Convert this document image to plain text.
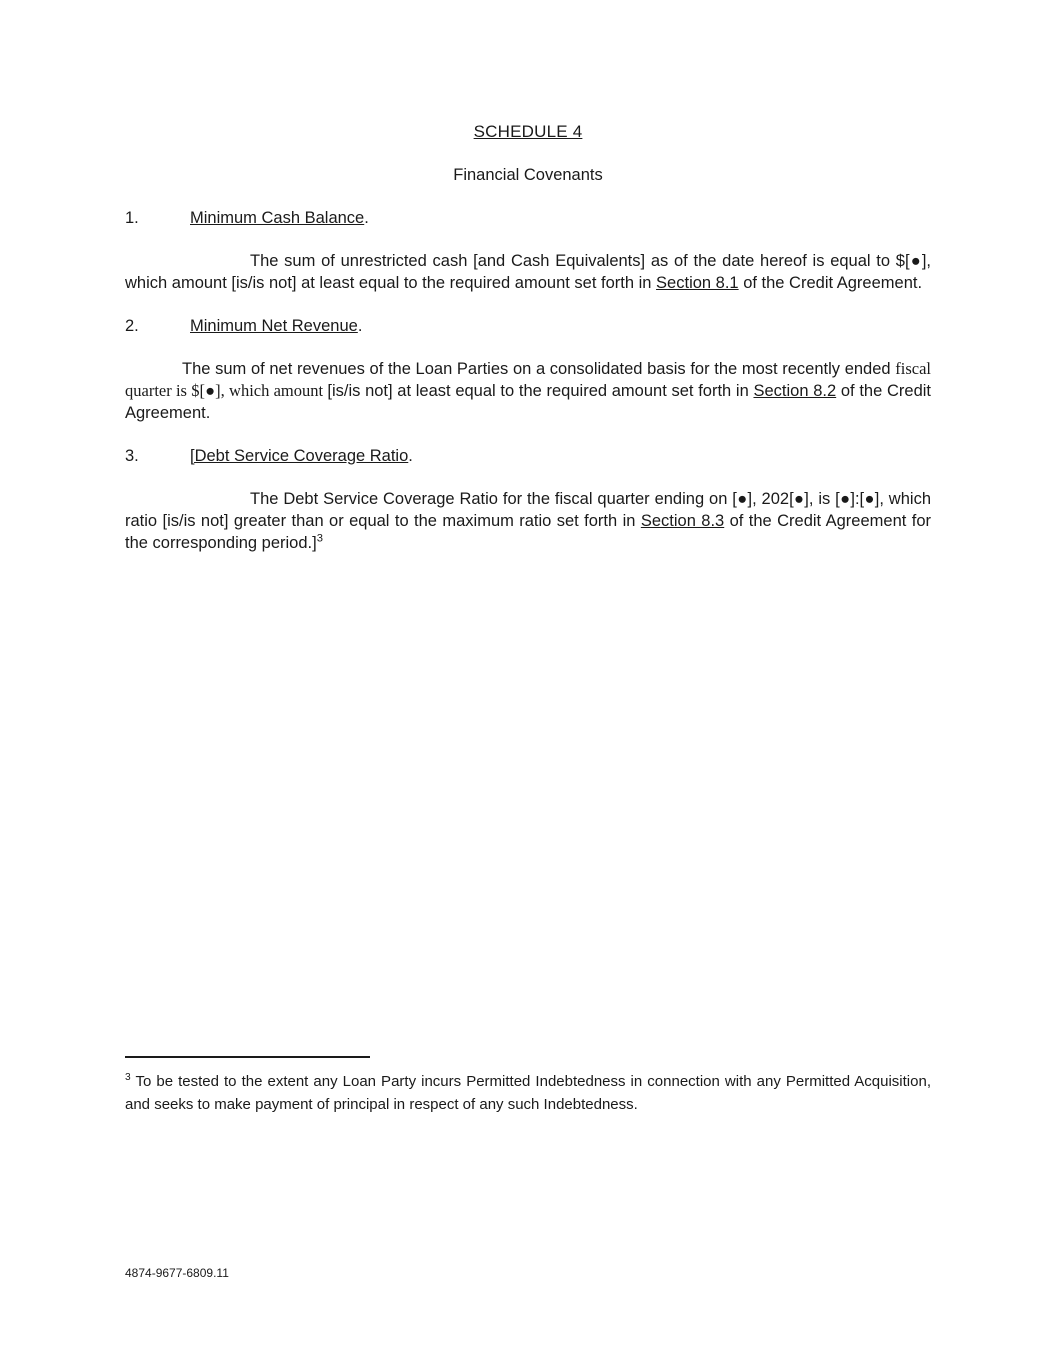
SCHEDULE 4
Financial Covenants
1.	Minimum Cash Balance.

The sum of unrestricted cash [and Cash Equivalents] as of the date hereof is equal to $[●], which amount [is/is not] at least equal to the required amount set forth in Section 8.1 of the Credit Agreement.

2.	Minimum Net Revenue.

The sum of net revenues of the Loan Parties on a consolidated basis for the most recently ended fiscal quarter is $[●], which amount [is/is not] at least equal to the required amount set forth in Section 8.2 of the Credit Agreement.

3.	[Debt Service Coverage Ratio.

The Debt Service Coverage Ratio for the fiscal quarter ending on [●], 202[●], is [●]:[●], which ratio [is/is not] greater than or equal to the maximum ratio set forth in Section 8.3 of the Credit Agreement for the corresponding period.]$^3$

$^3$ To be tested to the extent any Loan Party incurs Permitted Indebtedness in connection with any Permitted Acquisition, and seeks to make payment of principal in respect of any such Indebtedness.

4874-9677-6809.11
